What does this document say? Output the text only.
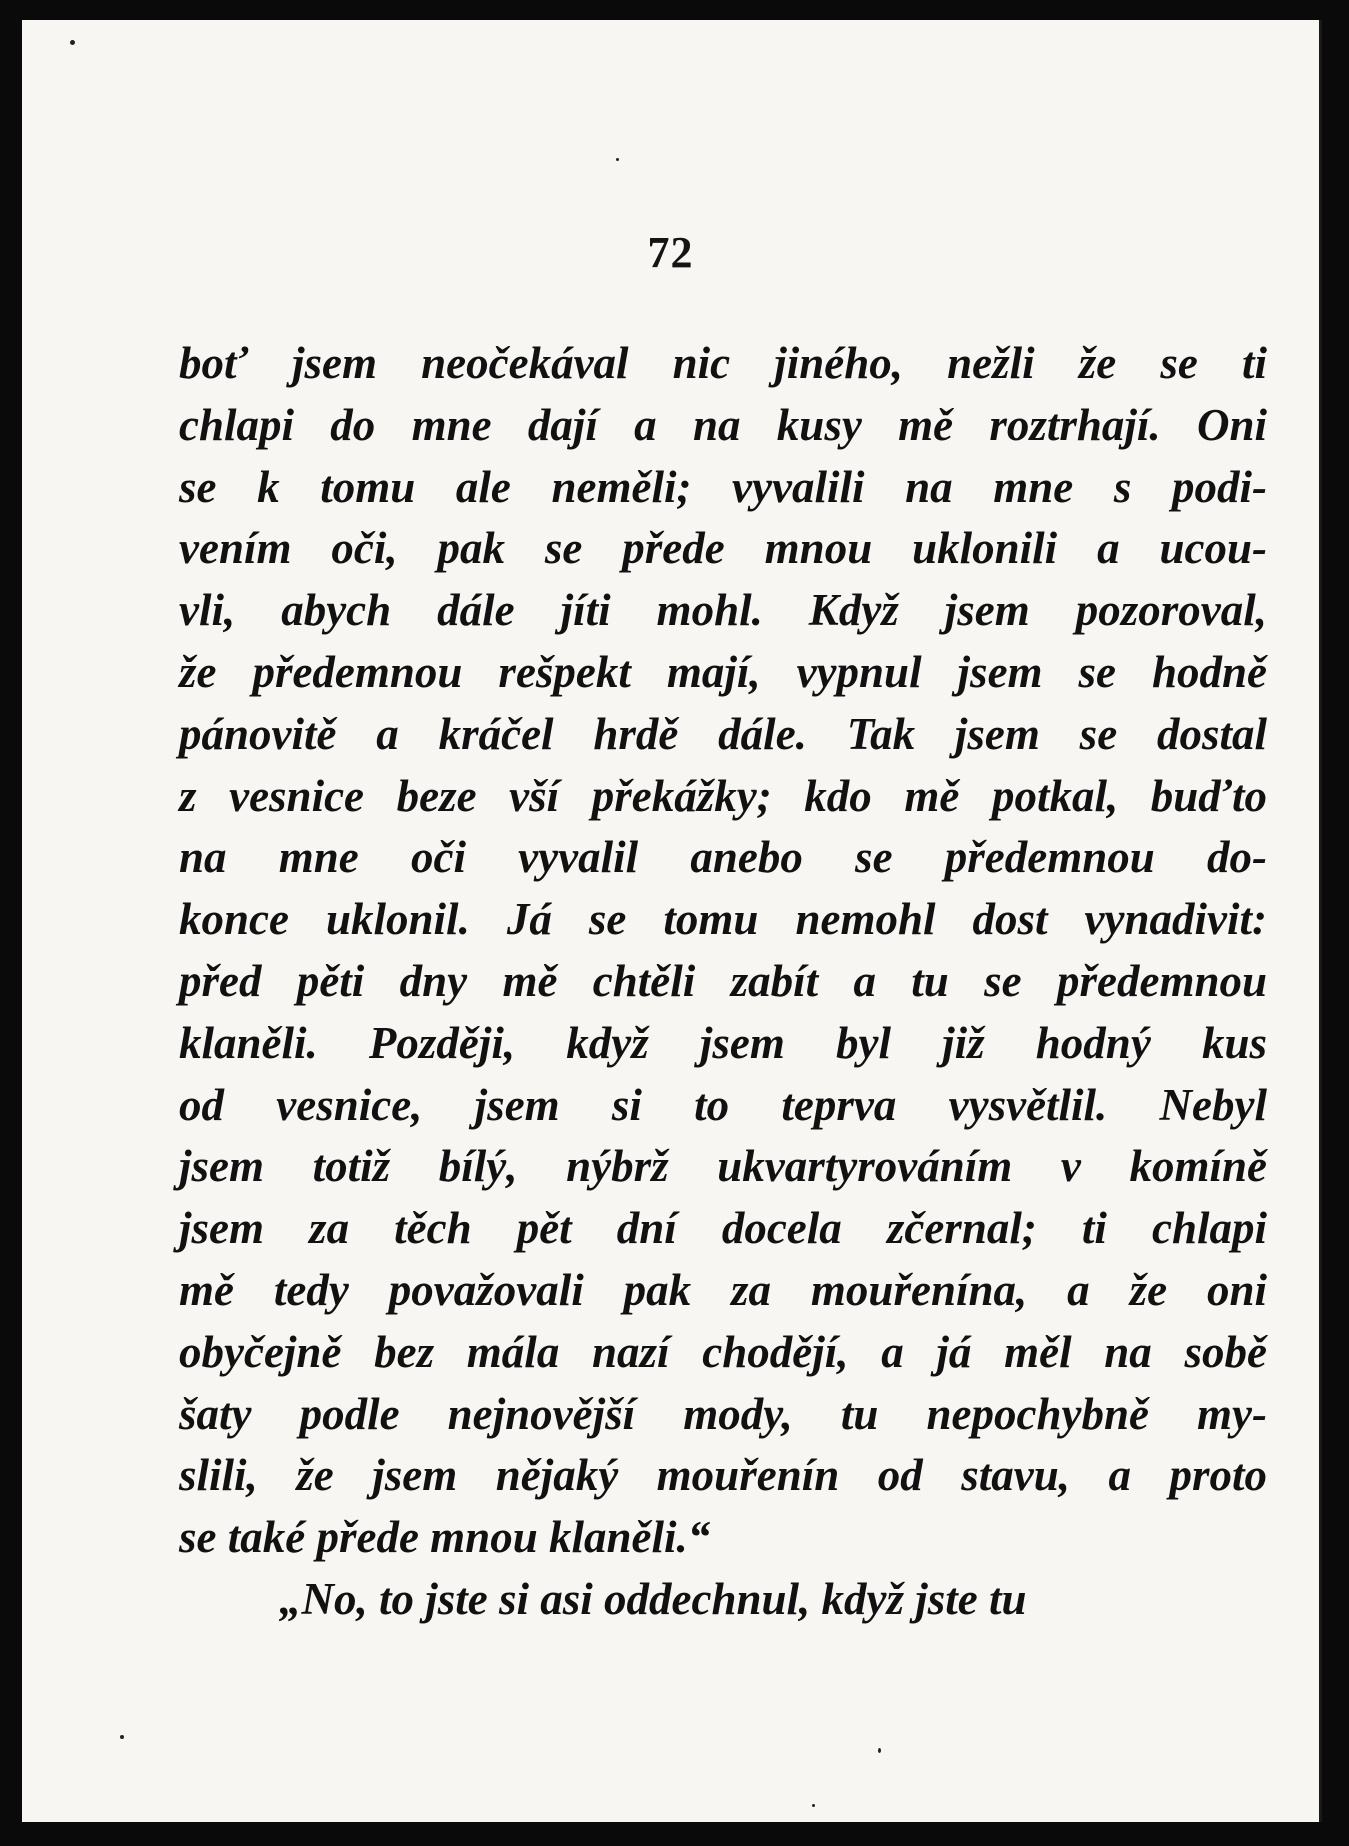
72
boť jsem neočekával nic jiného, nežli že se ti
chlapi do mne dají a na kusy mě roztrhají. Oni
se k tomu ale neměli; vyvalili na mne s podi-
vením oči, pak se přede mnou uklonili a ucou-
vli, abych dále jíti mohl. Když jsem pozoroval,
že předemnou rešpekt mají, vypnul jsem se hodně
pánovitě a kráčel hrdě dále. Tak jsem se dostal
z vesnice beze vší překážky; kdo mě potkal, buďto
na mne oči vyvalil anebo se předemnou do-
konce uklonil. Já se tomu nemohl dost vynadivit:
před pěti dny mě chtěli zabít a tu se předemnou
klaněli. Později, když jsem byl již hodný kus
od vesnice, jsem si to teprva vysvětlil. Nebyl
jsem totiž bílý, nýbrž ukvartyrováním v komíně
jsem za těch pět dní docela zčernal; ti chlapi
mě tedy považovali pak za mouřenína, a že oni
obyčejně bez mála nazí chodějí, a já měl na sobě
šaty podle nejnovější mody, tu nepochybně my-
slili, že jsem nějaký mouřenín od stavu, a proto
se také přede mnou klaněli.“
„No, to jste si asi oddechnul, když jste tu
